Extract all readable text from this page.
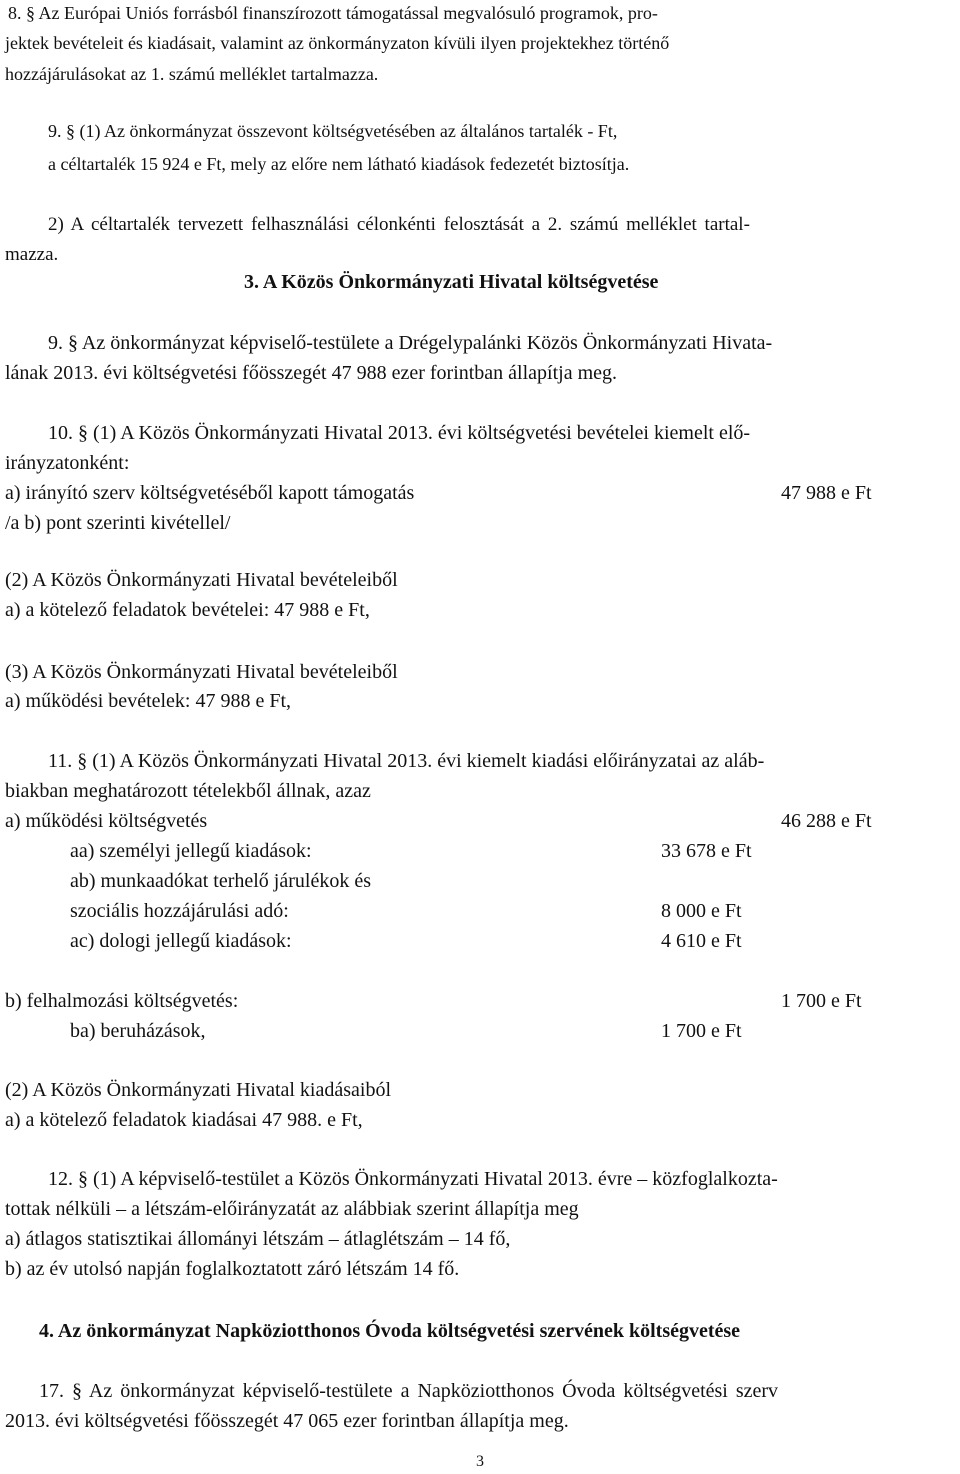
8. § Az Európai Uniós forrásból finanszírozott támogatással megvalósuló programok, pro-

jektek bevételeit és kiadásait, valamint az önkormányzaton kívüli ilyen projektekhez történő

hozzájárulásokat az 1. számú melléklet tartalmazza.

9. § (1) Az önkormányzat összevont költségvetésében az általános tartalék - Ft,

a céltartalék 15 924 e Ft, mely az előre nem látható kiadások fedezetét biztosítja.

2) A céltartalék tervezett felhasználási célonkénti felosztását a 2. számú melléklet tartal-

mazza.

3. A Közös Önkormányzati Hivatal költségvetése

9. § Az önkormányzat képviselő-testülete a Drégelypalánki Közös Önkormányzati Hivata-

lának 2013. évi költségvetési főösszegét 47 988 ezer forintban állapítja meg.

10. § (1) A Közös Önkormányzati Hivatal 2013. évi költségvetési bevételei kiemelt elő-

irányzatonként:

a) irányító szerv költségvetéséből kapott támogatás	47 988 e Ft

/a b) pont szerinti kivétellel/

(2) A Közös Önkormányzati Hivatal bevételeiből

a) a kötelező feladatok bevételei: 47 988 e Ft,

(3) A Közös Önkormányzati Hivatal bevételeiből

a) működési bevételek: 47 988 e Ft,

11. § (1) A Közös Önkormányzati Hivatal 2013. évi kiemelt kiadási előirányzatai az aláb-

biakban meghatározott tételekből állnak, azaz

a) működési költségvetés	46 288 e Ft

aa) személyi jellegű kiadások:	33 678 e Ft

ab) munkaadókat terhelő járulékok és

szociális hozzájárulási adó:	8 000 e Ft

ac) dologi jellegű kiadások:	4 610 e Ft

b) felhalmozási költségvetés:	1 700 e Ft

ba) beruházások,	1 700 e Ft

(2) A Közös Önkormányzati Hivatal kiadásaiból

a) a kötelező feladatok kiadásai 47 988. e Ft,

12. § (1) A képviselő-testület a Közös Önkormányzati Hivatal 2013. évre – közfoglalkozta-

tottak nélküli – a létszám-előirányzatát az alábbiak szerint állapítja meg

a) átlagos statisztikai állományi létszám – átlaglétszám – 14 fő,

b) az év utolsó napján foglalkoztatott záró létszám 14 fő.

4. Az önkormányzat Napköziotthonos Óvoda költségvetési szervének költségvetése

17. § Az önkormányzat képviselő-testülete a Napköziotthonos Óvoda költségvetési szerv

2013. évi költségvetési főösszegét 47 065 ezer forintban állapítja meg.

3
